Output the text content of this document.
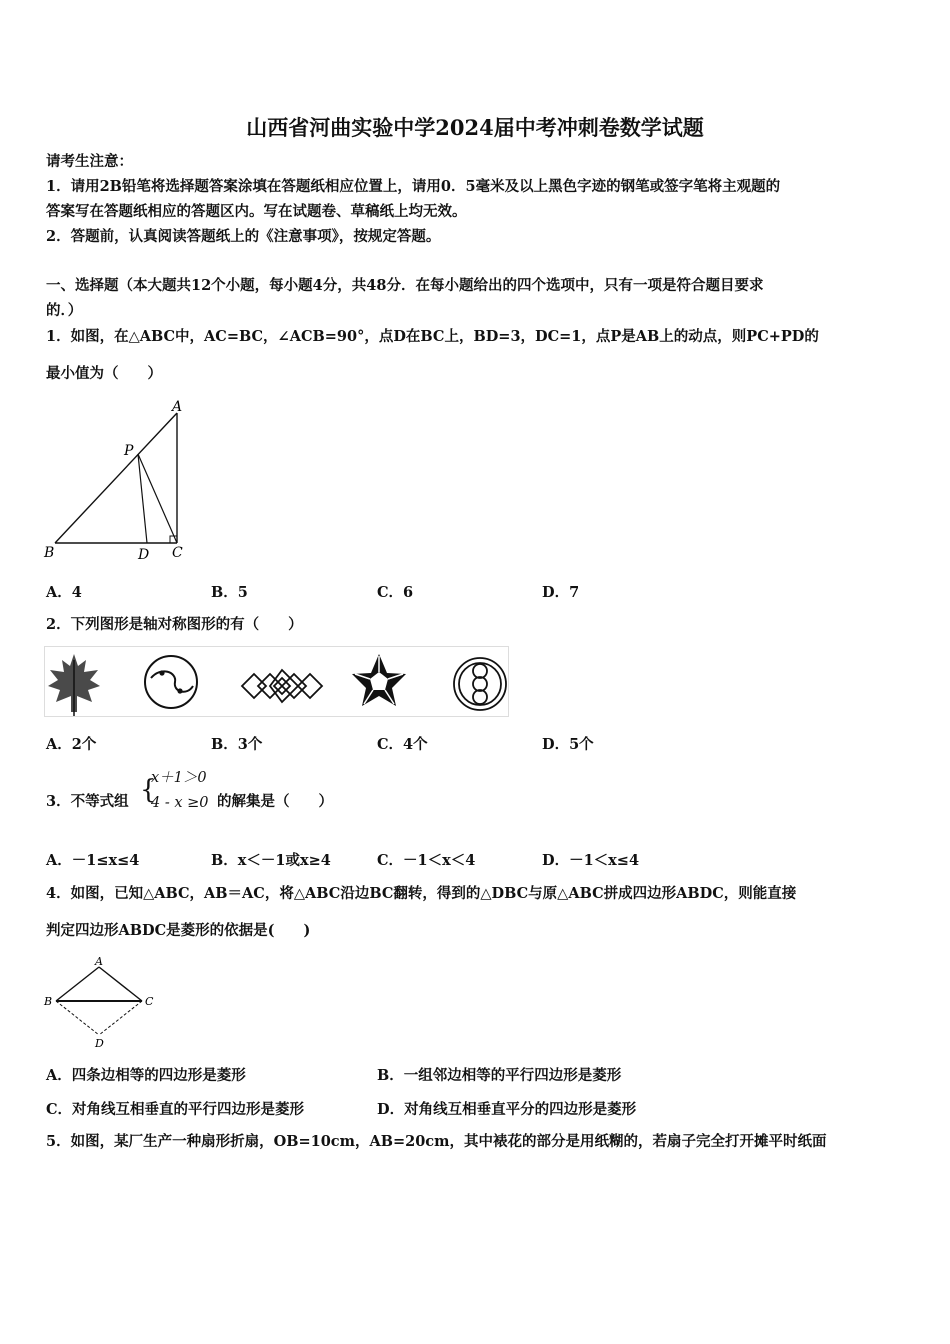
山西省河曲实验中学2024届中考冲刺卷数学试题
请考生注意：
1．请用2B铅笔将选择题答案涂填在答题纸相应位置上，请用0．5毫米及以上黑色字迹的钢笔或签字笔将主观题的
答案写在答题纸相应的答题区内。写在试题卷、草稿纸上均无效。
2．答题前，认真阅读答题纸上的《注意事项》，按规定答题。
一、选择题（本大题共12个小题，每小题4分，共48分．在每小题给出的四个选项中，只有一项是符合题目要求
的．）
1．如图，在△ABC中，AC=BC，∠ACB=90°，点D在BC上，BD=3，DC=1，点P是AB上的动点，则PC+PD的
最小值为（　　）
A
B	C
D
P
A．4	B．5	C．6	D．7
2．下列图形是轴对称图形的有（　　）
A．2个	B．3个	C．4个	D．5个
3．不等式组 {
x＋1＞0
4 - x ≥0 的解集是（　　）
A．－1≤x≤4	B．x＜－1或x≥4	C．－1＜x＜4	D．－1＜x≤4
4．如图，已知△ABC，AB＝AC，将△ABC沿边BC翻转，得到的△DBC与原△ABC拼成四边形ABDC，则能直接
判定四边形ABDC是菱形的依据是(　　)
A
B	C
D
A．四条边相等的四边形是菱形	B．一组邻边相等的平行四边形是菱形
C．对角线互相垂直的平行四边形是菱形	D．对角线互相垂直平分的四边形是菱形
5．如图，某厂生产一种扇形折扇，OB=10cm，AB=20cm，其中裱花的部分是用纸糊的，若扇子完全打开摊平时纸面
